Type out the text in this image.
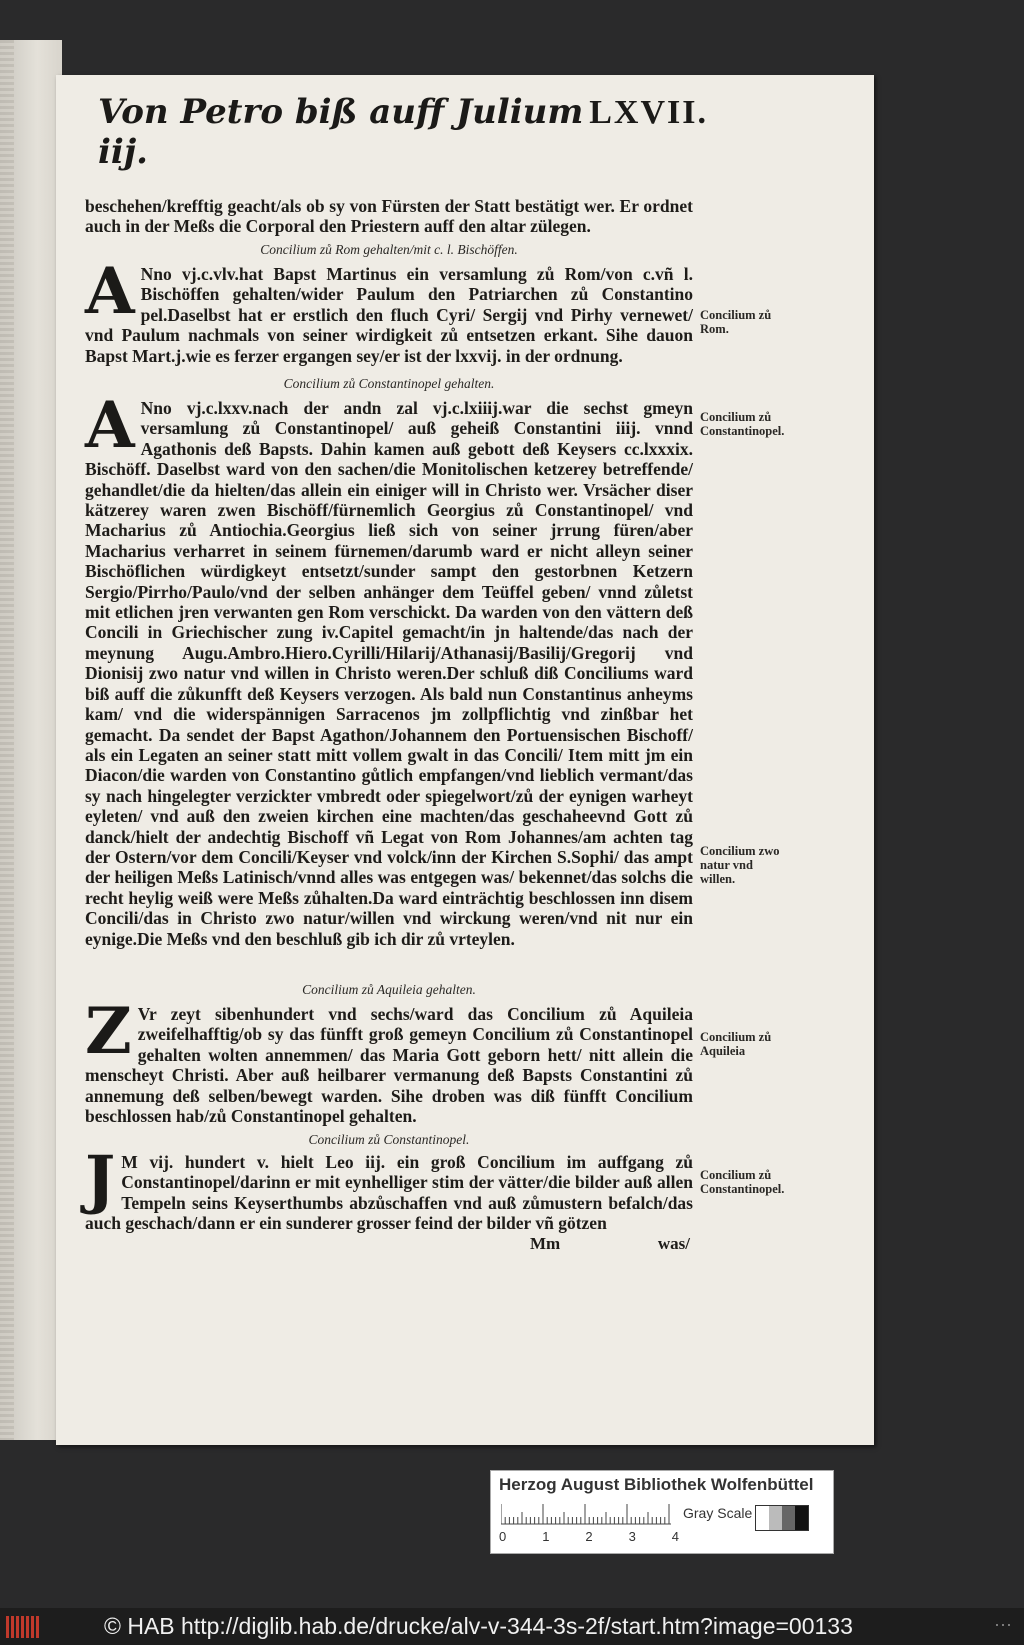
Von Petro biß auff Julium iij.
LXVII.
beschehen/krefftig geacht/als ob sy von Fürsten der Statt bestätigt wer. Er ordnet auch in der Meßs die Corporal den Priestern auff den altar zülegen.
Concilium zů Rom gehalten/mit c. l. Bischöffen.
A Nno vj.c.vlv.hat Bapst Martinus ein versamlung zů Rom/von c.vñ l. Bischöffen gehalten/wider Paulum den Patriarchen zů Constantino pel.Daselbst hat er erstlich den fluch Cyri/ Sergij vnd Pirhy vernewet/ vnd Paulum nachmals von seiner wirdigkeit zů entsetzen erkant. Sihe dauon Bapst Mart.j.wie es ferzer ergangen sey/er ist der lxxvij. in der ordnung.
Concilium zů Constantinopel gehalten.
A Nno vj.c.lxxv.nach der andn zal vj.c.lxiiij.war die sechst gmeyn versamlung zů Constantinopel/ auß geheiß Constantini iiij. vnnd Agathonis deß Bapsts. Dahin kamen auß gebott deß Keysers cc.lxxxix. Bischöff. Daselbst ward von den sachen/die Monitolischen ketzerey betreffende/ gehandlet/die da hielten/das allein ein einiger will in Christo wer. Vrsächer diser kätzerey waren zwen Bischöff/fürnemlich Georgius zů Constantinopel/ vnd Macharius zů Antiochia.Georgius ließ sich von seiner jrrung füren/aber Macharius verharret in seinem fürnemen/darumb ward er nicht alleyn seiner Bischöflichen würdigkeyt entsetzt/sunder sampt den gestorbnen Ketzern Sergio/Pirrho/Paulo/vnd der selben anhänger dem Teüffel geben/ vnnd zůletst mit etlichen jren verwanten gen Rom verschickt. Da warden von den vättern deß Concili in Griechischer zung iv.Capitel gemacht/in jn haltende/das nach der meynung Augu.Ambro.Hiero.Cyrilli/Hilarij/Athanasij/Basilij/Gregorij vnd Dionisij zwo natur vnd willen in Christo weren.Der schluß diß Conciliums ward biß auff die zůkunfft deß Keysers verzogen. Als bald nun Constantinus anheyms kam/ vnd die widerspännigen Sarracenos jm zollpflichtig vnd zinßbar het gemacht. Da sendet der Bapst Agathon/Johannem den Portuensischen Bischoff/ als ein Legaten an seiner statt mitt vollem gwalt in das Concili/ Item mitt jm ein Diacon/die warden von Constantino gůtlich empfangen/vnd lieblich vermant/das sy nach hingelegter verzickter vmbredt oder spiegelwort/zů der eynigen warheyt eyleten/ vnd auß den zweien kirchen eine machten/das geschaheevnd Gott zů danck/hielt der andechtig Bischoff vñ Legat von Rom Johannes/am achten tag der Ostern/vor dem Concili/Keyser vnd volck/inn der Kirchen S.Sophi/ das ampt der heiligen Meßs Latinisch/vnnd alles was entgegen was/ bekennet/das solchs die recht heylig weiß were Meßs zůhalten.Da ward einträchtig beschlossen inn disem Concili/das in Christo zwo natur/willen vnd wirckung weren/vnd nit nur ein eynige.Die Meßs vnd den beschluß gib ich dir zů vrteylen.
Concilium zů Aquileia gehalten.
Z Vr zeyt sibenhundert vnd sechs/ward das Concilium zů Aquileia zweifelhafftig/ob sy das fünfft groß gemeyn Concilium zů Constantinopel gehalten wolten annemmen/ das Maria Gott geborn hett/ nitt allein die menscheyt Christi. Aber auß heilbarer vermanung deß Bapsts Constantini zů annemung deß selben/bewegt warden. Sihe droben was diß fünfft Concilium beschlossen hab/zů Constantinopel gehalten.
Concilium zů Constantinopel.
J M vij. hundert v. hielt Leo iij. ein groß Concilium im auffgang zů Constantinopel/darinn er mit eynhelliger stim der vätter/die bilder auß allen Tempeln seins Keyserthumbs abzůschaffen vnd auß zůmustern befalch/das auch geschach/dann er ein sunderer grosser feind der bilder vñ götzen
Concilium zů Rom.
Concilium zů Constantinopel.
Concilium zwo natur vnd willen.
Concilium zů Aquileia
Concilium zů Constantinopel.
Mm	was/
Herzog August Bibliothek Wolfenbüttel
0	1	2	3	4
Gray Scale
© HAB http://diglib.hab.de/drucke/alv-v-344-3s-2f/start.htm?image=00133	···
